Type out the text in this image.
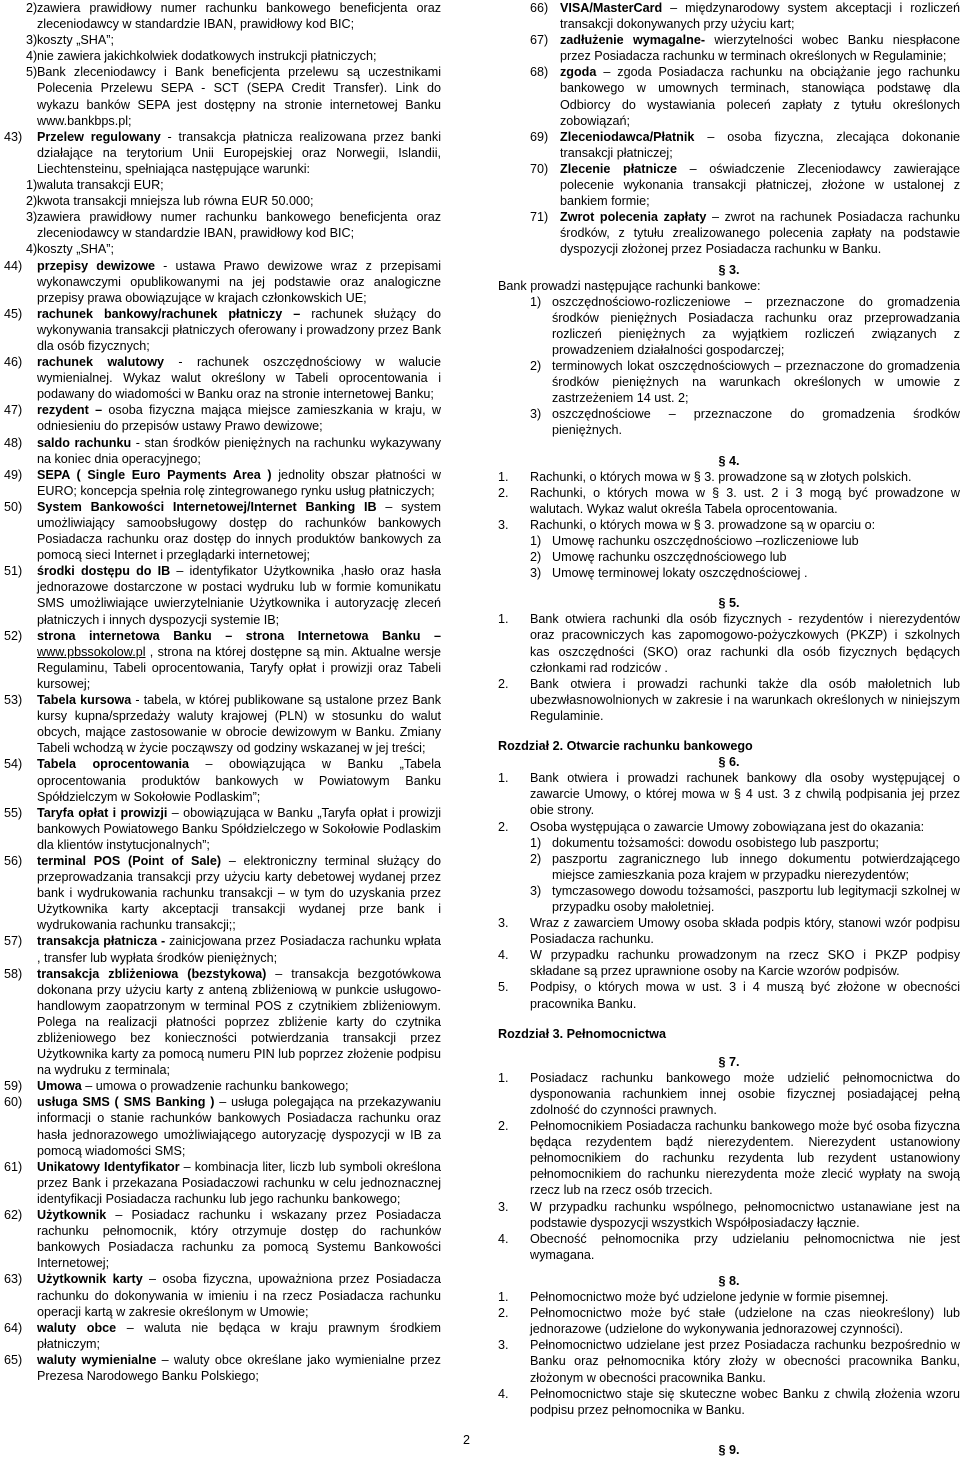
2) zawiera prawidłowy numer rachunku bankowego beneficjenta oraz zleceniodawcy w standardzie IBAN, prawidłowy kod BIC;
3) koszty „SHA”;
4) nie zawiera jakichkolwiek dodatkowych instrukcji płatniczych;
5) Bank zleceniodawcy i Bank beneficjenta przelewu są uczestnikami Polecenia Przelewu SEPA - SCT (SEPA Credit Transfer). Link do wykazu banków SEPA jest dostępny na stronie internetowej Banku www.bankbps.pl;
43)	Przelew regulowany - transakcja płatnicza realizowana przez banki działające na terytorium Unii Europejskiej oraz Norwegii, Islandii, Liechtensteinu, spełniająca następujące warunki:
1) waluta transakcji EUR;
2) kwota transakcji mniejsza lub równa EUR 50.000;
3) zawiera prawidłowy numer rachunku bankowego beneficjenta oraz zleceniodawcy w standardzie IBAN, prawidłowy kod BIC;
4) koszty „SHA”;
44)	przepisy dewizowe - ustawa Prawo dewizowe wraz z przepisami wykonawczymi opublikowanymi na jej podstawie oraz analogiczne przepisy prawa obowiązujące w krajach członkowskich UE;
45)	rachunek bankowy/rachunek płatniczy – rachunek służący do wykonywania transakcji płatniczych oferowany i prowadzony przez Bank dla osób fizycznych;
46)	rachunek walutowy - rachunek oszczędnościowy w walucie wymienialnej. Wykaz walut określony w Tabeli oprocentowania i podawany do wiadomości w Banku oraz na stronie internetowej Banku;
47)	rezydent – osoba fizyczna mająca miejsce zamieszkania w kraju, w odniesieniu do przepisów ustawy Prawo dewizowe;
48)	saldo rachunku - stan środków pieniężnych na rachunku wykazywany na koniec dnia operacyjnego;
49)	SEPA ( Single Euro Payments Area ) jednolity obszar płatności w EURO; koncepcja spełnia rolę zintegrowanego rynku usług płatniczych;
50)	System Bankowości Internetowej/Internet Banking IB – system umożliwiający samoobsługowy dostęp do rachunków bankowych Posiadacza rachunku oraz dostęp do innych produktów bankowych za pomocą sieci Internet i przeglądarki internetowej;
51)	środki dostępu do IB – identyfikator Użytkownika ,hasło oraz hasła jednorazowe dostarczone w postaci wydruku lub w formie komunikatu SMS umożliwiające uwierzytelnianie Użytkownika i autoryzację zleceń płatniczych i innych dyspozycji systemie IB;
52)	strona internetowa Banku – strona Internetowa Banku – www.pbssokolow.pl , strona na której dostępne są min. Aktualne wersje Regulaminu, Tabeli oprocentowania, Taryfy opłat i prowizji oraz Tabeli kursowej;
53)	Tabela kursowa - tabela, w której publikowane są ustalone przez Bank kursy kupna/sprzedaży waluty krajowej (PLN) w stosunku do walut obcych, mające zastosowanie w obrocie dewizowym w Banku. Zmiany Tabeli wchodzą w życie począwszy od godziny wskazanej w jej treści;
54)	Tabela oprocentowania – obowiązująca w Banku „Tabela oprocentowania produktów bankowych w Powiatowym Banku Spółdzielczym w Sokołowie Podlaskim”;
55)	Taryfa opłat i prowizji – obowiązująca w Banku „Taryfa opłat i prowizji bankowych Powiatowego Banku Spółdzielczego w Sokołowie Podlaskim dla klientów instytucjonalnych”;
56)	terminal POS (Point of Sale) – elektroniczny terminal służący do przeprowadzania transakcji przy użyciu karty debetowej wydanej przez bank i wydrukowania rachunku transakcji – w tym do uzyskania przez Użytkownika karty akceptacji transakcji wydanej prze bank i wydrukowania rachunku transakcji;;
57)	transakcja płatnicza - zainicjowana przez Posiadacza rachunku wpłata , transfer lub wypłata środków pieniężnych;
58)	transakcja zbliżeniowa (bezstykowa) – transakcja bezgotówkowa dokonana przy użyciu karty z anteną zbliżeniową w punkcie usługowo-handlowym zaopatrzonym w terminal POS z czytnikiem zbliżeniowym. Polega na realizacji płatności poprzez zbliżenie karty do czytnika zbliżeniowego bez konieczności potwierdzania transakcji przez Użytkownika karty za pomocą numeru PIN lub poprzez złożenie podpisu na wydruku z terminala;
59)	Umowa – umowa o prowadzenie rachunku bankowego;
60)	usługa SMS ( SMS Banking ) – usługa polegająca na przekazywaniu informacji o stanie rachunków bankowych Posiadacza rachunku oraz hasła jednorazowego umożliwiającego autoryzację dyspozycji w IB za pomocą wiadomości SMS;
61)	Unikatowy Identyfikator – kombinacja liter, liczb lub symboli określona przez Bank i przekazana Posiadaczowi rachunku w celu jednoznacznej identyfikacji Posiadacza rachunku lub jego rachunku bankowego;
62)	Użytkownik – Posiadacz rachunku i wskazany przez Posiadacza rachunku pełnomocnik, który otrzymuje dostęp do rachunków bankowych Posiadacza rachunku za pomocą Systemu Bankowości Internetowej;
63)	Użytkownik karty – osoba fizyczna, upoważniona przez Posiadacza rachunku do dokonywania w imieniu i na rzecz Posiadacza rachunku operacji kartą w zakresie określonym w Umowie;
64)	waluty obce – waluta nie będąca w kraju prawnym środkiem płatniczym;
65)	waluty wymienialne – waluty obce określane jako wymienialne przez Prezesa Narodowego Banku Polskiego;
66) VISA/MasterCard – międzynarodowy system akceptacji i rozliczeń transakcji dokonywanych przy użyciu kart;
67) zadłużenie wymagalne- wierzytelności wobec Banku niespłacone przez Posiadacza rachunku w terminach określonych w Regulaminie;
68) zgoda – zgoda Posiadacza rachunku na obciążanie jego rachunku bankowego w umownych terminach, stanowiąca podstawę dla Odbiorcy do wystawiania poleceń zapłaty z tytułu określonych zobowiązań;
69) Zleceniodawca/Płatnik – osoba fizyczna, zlecająca dokonanie transakcji płatniczej;
70) Zlecenie płatnicze – oświadczenie Zleceniodawcy zawierające polecenie wykonania transakcji płatniczej, złożone w ustalonej z bankiem formie;
71) Zwrot polecenia zapłaty – zwrot na rachunek Posiadacza rachunku środków, z tytułu zrealizowanego polecenia zapłaty na podstawie dyspozycji złożonej przez Posiadacza rachunku w Banku.

§ 3.

Bank prowadzi następujące rachunki bankowe:

1) oszczędnościowo-rozliczeniowe – przeznaczone do gromadzenia środków pieniężnych Posiadacza rachunku oraz przeprowadzania rozliczeń pieniężnych za wyjątkiem rozliczeń związanych z prowadzeniem działalności gospodarczej;
2) terminowych lokat oszczędnościowych – przeznaczone do gromadzenia środków pieniężnych na warunkach określonych w umowie z zastrzeżeniem 14 ust. 2;
3) oszczędnościowe – przeznaczone do gromadzenia środków pieniężnych.

§ 4.

1.	Rachunki, o których mowa w § 3. prowadzone są w złotych polskich.
2.	Rachunki, o których mowa w § 3. ust. 2 i 3 mogą być prowadzone w walutach. Wykaz walut określa Tabela oprocentowania.
3.	Rachunki, o których mowa w § 3. prowadzone są w oparciu o:
1) Umowę rachunku oszczędnościowo –rozliczeniowe lub
2) Umowę rachunku oszczędnościowego lub
3) Umowę terminowej lokaty oszczędnościowej .

§ 5.

1.	Bank otwiera rachunki dla osób fizycznych - rezydentów i nierezydentów oraz pracowniczych kas zapomogowo-pożyczkowych (PKZP) i szkolnych kas oszczędności (SKO) oraz rachunki dla osób fizycznych będących członkami rad rodziców .
2.	Bank otwiera i prowadzi rachunki także dla osób małoletnich lub ubezwłasnowolnionych w zakresie i na warunkach określonych w niniejszym Regulaminie.

Rozdział 2. Otwarcie rachunku bankowego

§ 6.

1.	Bank otwiera i prowadzi rachunek bankowy dla osoby występującej o zawarcie Umowy, o której mowa w § 4 ust. 3 z chwilą podpisania jej przez obie strony.
2.	Osoba występująca o zawarcie Umowy zobowiązana jest do okazania:
1) dokumentu tożsamości: dowodu osobistego lub paszportu;
2) paszportu zagranicznego lub innego dokumentu potwierdzającego miejsce zamieszkania poza krajem w przypadku nierezydentów;
3) tymczasowego dowodu tożsamości, paszportu lub legitymacji szkolnej w przypadku osoby małoletniej.
3.	Wraz z zawarciem Umowy osoba składa podpis który, stanowi wzór podpisu Posiadacza rachunku.
4.	W przypadku rachunku prowadzonym na rzecz SKO i PKZP podpisy składane są przez uprawnione osoby na Karcie wzorów podpisów.
5.	Podpisy, o których mowa w ust. 3 i 4 muszą być złożone w obecności pracownika Banku.

Rozdział 3. Pełnomocnictwa

§ 7.

1.	Posiadacz rachunku bankowego może udzielić pełnomocnictwa do dysponowania rachunkiem innej osobie fizycznej posiadającej pełną zdolność do czynności prawnych.
2.	Pełnomocnikiem Posiadacza rachunku bankowego może być osoba fizyczna będąca rezydentem bądź nierezydentem. Nierezydent ustanowiony pełnomocnikiem do rachunku rezydenta lub rezydent ustanowiony pełnomocnikiem do rachunku nierezydenta może zlecić wypłaty na swoją rzecz lub na rzecz osób trzecich.
3.	W przypadku rachunku wspólnego, pełnomocnictwo ustanawiane jest na podstawie dyspozycji wszystkich Współposiadaczy łącznie.
4.	Obecność pełnomocnika przy udzielaniu pełnomocnictwa nie jest wymagana.

§ 8.

1.	Pełnomocnictwo może być udzielone jedynie w formie pisemnej.
2.	Pełnomocnictwo może być stałe (udzielone na czas nieokreślony) lub jednorazowe (udzielone do wykonywania jednorazowej czynności).
3.	Pełnomocnictwo udzielane jest przez Posiadacza rachunku bezpośrednio w Banku oraz pełnomocnika który złoży w obecności pracownika Banku, złożonym w obecności pracownika Banku.
4.	Pełnomocnictwo staje się skuteczne wobec Banku z chwilą złożenia wzoru podpisu przez pełnomocnika w Banku.

§ 9.

2
